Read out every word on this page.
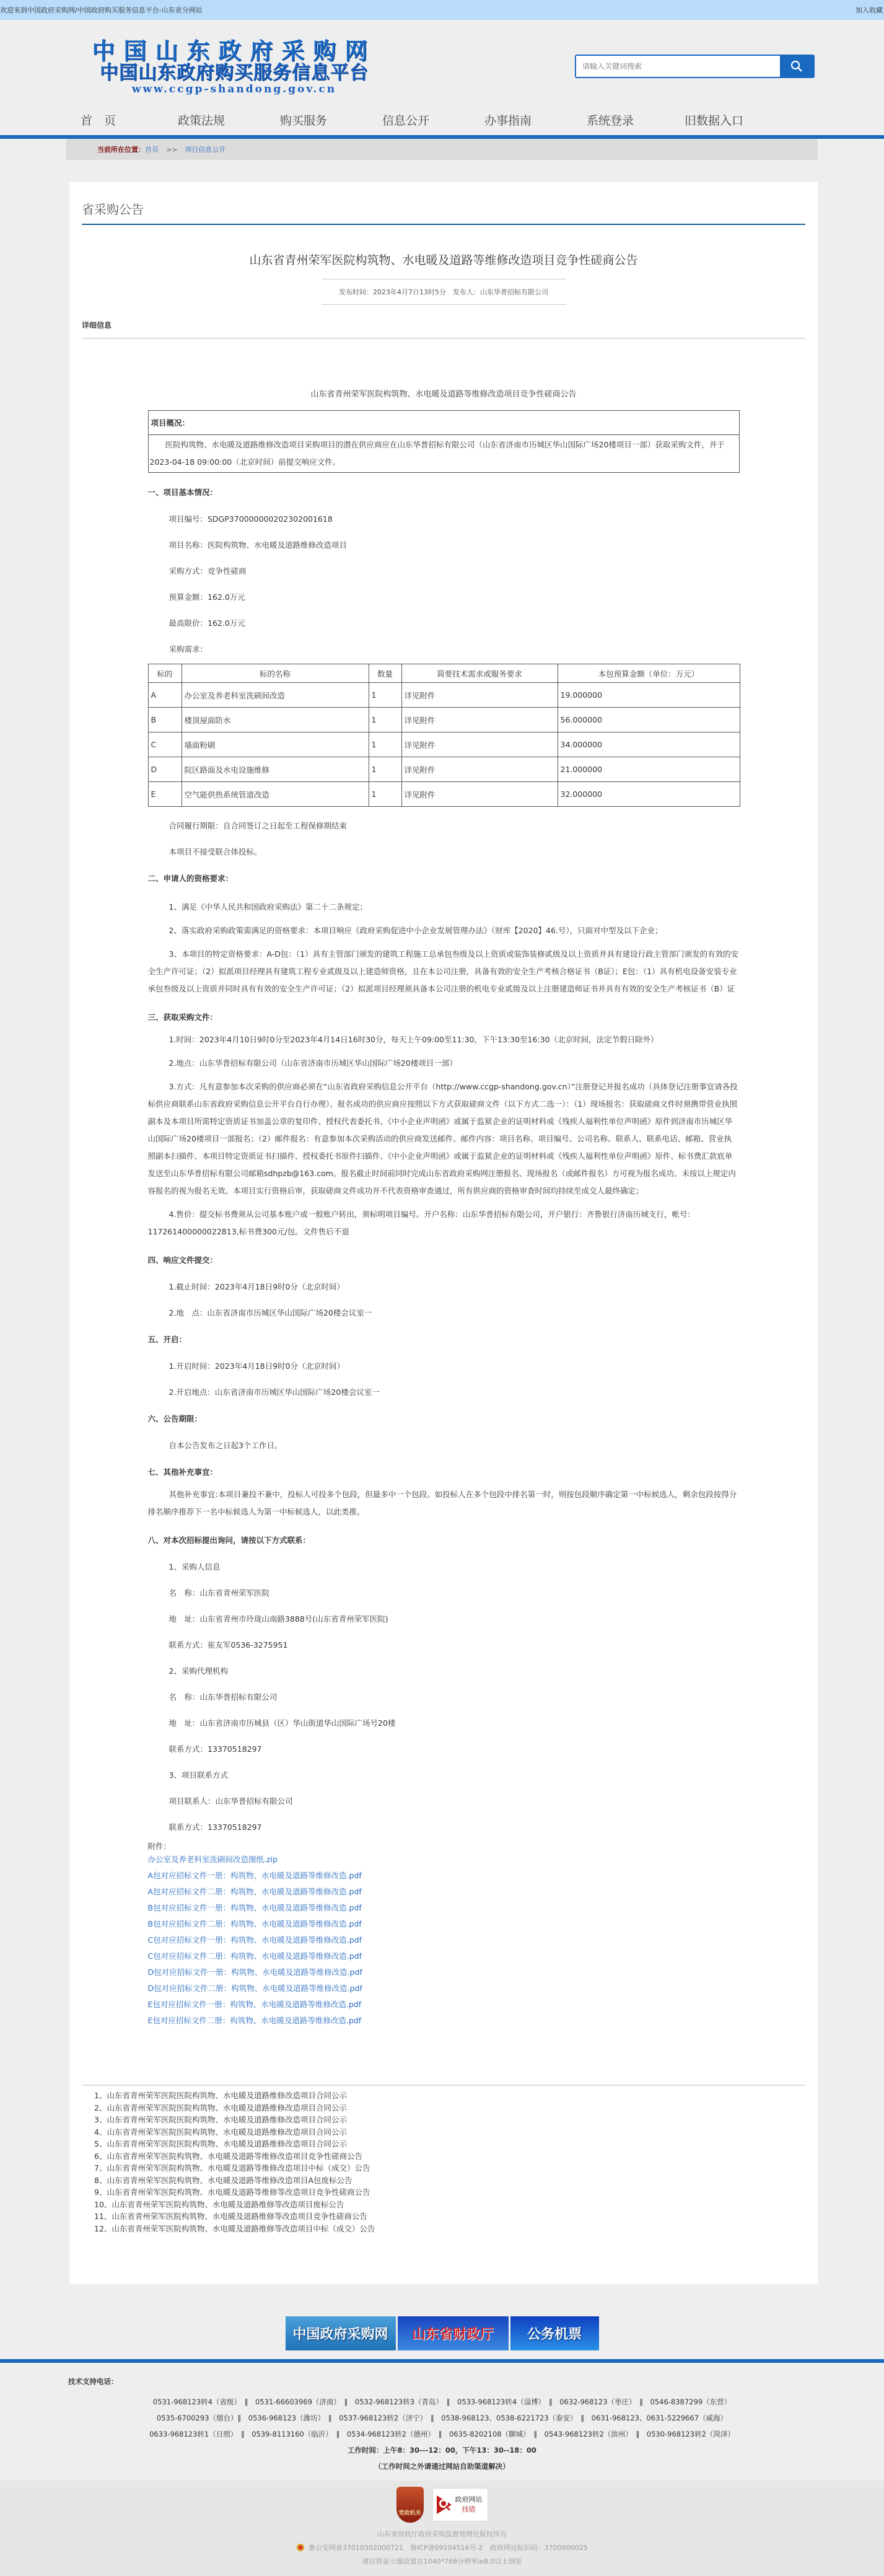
欢迎来到中国政府采购网/中国政府购买服务信息平台-山东省分网站	加入收藏
中国山东政府采购网
中国山东政府购买服务信息平台
www.ccgp-shandong.gov.cn
请输入关键词搜索
首　页	政策法规	购买服务	信息公开	办事指南	系统登录	旧数据入口
当前所在位置： 首页 >> 项目信息公开
省采购公告
山东省青州荣军医院构筑物、水电暖及道路等维修改造项目竞争性磋商公告
发布时间：2023年4月7日13时5分　发布人：山东华普招标有限公司
详细信息
山东省青州荣军医院构筑物、水电暖及道路等维修改造项目竞争性磋商公告
项目概况：
医院构筑物、水电暖及道路维修改造项目采购项目的潜在供应商应在山东华普招标有限公司（山东省济南市历城区华山国际广场20楼项目一部）获取采购文件，并于2023-04-18 09:00:00（北京时间）前提交响应文件。
一、项目基本情况：
项目编号：SDGP370000000202302001618
项目名称：医院构筑物、水电暖及道路维修改造项目
采购方式：竞争性磋商
预算金额：162.0万元
最高限价：162.0万元
采购需求：
标的	标的名称	数量	简要技术需求或服务要求	本包预算金额（单位：万元）
A	办公室及养老科室洗刷间改造	1	详见附件	19.000000
B	楼顶屋面防水	1	详见附件	56.000000
C	墙面粉刷	1	详见附件	34.000000
D	院区路面及水电设施维修	1	详见附件	21.000000
E	空气能供热系统管道改造	1	详见附件	32.000000
合同履行期限：自合同签订之日起至工程保修期结束
本项目不接受联合体投标。
二、申请人的资格要求：
1、满足《中华人民共和国政府采购法》第二十二条规定；
2、落实政府采购政策需满足的资格要求：本项目响应《政府采购促进中小企业发展管理办法》（财库【2020】46.号），只面对中型及以下企业；
3、本项目的特定资格要求：A-D包：（1）具有主管部门颁发的建筑工程施工总承包叁级及以上资质或装饰装修贰级及以上资质并具有建设行政主管部门颁发的有效的安全生产许可证；（2）拟派项目经理具有建筑工程专业贰级及以上建造师资格，且在本公司注册，具备有效的安全生产考核合格证书（B证）；E包：（1）具有机电设备安装专业承包叁级及以上资质并同时具有有效的安全生产许可证；（2）拟派项目经理须具备本公司注册的机电专业贰级及以上注册建造师证书并具有有效的安全生产考核证书（B）证
三、获取采购文件：
1.时间：2023年4月10日9时0分至2023年4月14日16时30分，每天上午09:00至11:30，下午13:30至16:30（北京时间，法定节假日除外）
2.地点：山东华普招标有限公司（山东省济南市历城区华山国际广场20楼项目一部）
3.方式：凡有意参加本次采购的供应商必须在“山东省政府采购信息公开平台（http://www.ccgp-shandong.gov.cn）”注册登记并报名成功（具体登记注册事宜请各投标供应商联系山东省政府采购信息公开平台自行办理）。报名成功的供应商应按照以下方式获取磋商文件（以下方式二选一）：（1）现场报名：获取磋商文件时须携带营业执照副本及本项目所需特定资质证书加盖公章的复印件、授权代表委托书、《中小企业声明函》或属于监狱企业的证明材料或《残疾人福利性单位声明函》原件到济南市历城区华山国际广场20楼项目一部报名；（2）邮件报名：有意参加本次采购活动的供应商发送邮件。邮件内容：项目名称、项目编号、公司名称、联系人、联系电话、邮箱、营业执照副本扫描件、本项目特定资质证书扫描件、授权委托书原件扫描件、《中小企业声明函》或属于监狱企业的证明材料或《残疾人福利性单位声明函》原件、标书费汇款底单发送至山东华普招标有限公司邮箱sdhpzb@163.com。报名截止时间前同时完成山东省政府采购网注册报名、现场报名（或邮件报名）方可视为报名成功。未按以上规定内容报名的视为报名无效。本项目实行资格后审，获取磋商文件成功并不代表资格审查通过，所有供应商的资格审查时间均持续至成交人最终确定；
4.售价：提交标书费须从公司基本账户或一般账户转出，须标明项目编号。开户名称：山东华普招标有限公司，开户银行：齐鲁银行济南历城支行，帐号：117261400000022813,标书费300元/包。文件售后不退
四、响应文件提交：
1.截止时间：2023年4月18日9时0分（北京时间）
2.地　点：山东省济南市历城区华山国际广场20楼会议室一
五、开启：
1.开启时间：2023年4月18日9时0分（北京时间）
2.开启地点：山东省济南市历城区华山国际广场20楼会议室一
六、公告期限：
自本公告发布之日起3个工作日。
七、其他补充事宜：
其他补充事宜:本项目兼投不兼中，投标人可投多个包段，但最多中一个包段。如投标人在多个包段中排名第一时，则按包段顺序确定第一中标候选人，剩余包段按得分排名顺序推荐下一名中标候选人为第一中标候选人，以此类推。
八、对本次招标提出询问，请按以下方式联系：
1、采购人信息
名　称：山东省青州荣军医院
地　址：山东省青州市玲珑山南路3888号(山东省青州荣军医院)
联系方式：崔友军0536-3275951
2、采购代理机构
名　称：山东华普招标有限公司
地　址：山东省济南市历城县（区）华山街道华山国际广场号20楼
联系方式：13370518297
3、项目联系方式
项目联系人：山东华普招标有限公司
联系方式：13370518297
附件：
办公室及养老科室洗刷间改造图纸.zip
A包对应招标文件一册：构筑物、水电暖及道路等维修改造.pdf
A包对应招标文件二册：构筑物、水电暖及道路等维修改造.pdf
B包对应招标文件一册：构筑物、水电暖及道路等维修改造.pdf
B包对应招标文件二册：构筑物、水电暖及道路等维修改造.pdf
C包对应招标文件一册：构筑物、水电暖及道路等维修改造.pdf
C包对应招标文件二册：构筑物、水电暖及道路等维修改造.pdf
D包对应招标文件一册：构筑物、水电暖及道路等维修改造.pdf
D包对应招标文件二册：构筑物、水电暖及道路等维修改造.pdf
E包对应招标文件一册：构筑物、水电暖及道路等维修改造.pdf
E包对应招标文件二册：构筑物、水电暖及道路等维修改造.pdf
1、山东省青州荣军医院医院构筑物、水电暖及道路维修改造项目合同公示
2、山东省青州荣军医院医院构筑物、水电暖及道路维修改造项目合同公示
3、山东省青州荣军医院医院构筑物、水电暖及道路维修改造项目合同公示
4、山东省青州荣军医院医院构筑物、水电暖及道路维修改造项目合同公示
5、山东省青州荣军医院医院构筑物、水电暖及道路维修改造项目合同公示
6、山东省青州荣军医院构筑物、水电暖及道路等维修改造项目竞争性磋商公告
7、山东省青州荣军医院构筑物、水电暖及道路等维修改造项目中标（成交）公告
8、山东省青州荣军医院构筑物、水电暖及道路等维修改造项目A包废标公告
9、山东省青州荣军医院构筑物、水电暖及道路等维修等改造项目竞争性磋商公告
10、山东省青州荣军医院构筑物、水电暖及道路维修等改造项目废标公告
11、山东省青州荣军医院构筑物、水电暖及道路维修等改造项目竞争性磋商公告
12、山东省青州荣军医院构筑物、水电暖及道路维修等改造项目中标（成交）公告
中国政府采购网	山东省财政厅	公务机票
技术支持电话：
0531-968123转4（省级）　‖　0531-66603969（济南）　‖　0532-968123转3（青岛）　‖　0533-968123转4（淄博）　‖　0632-968123（枣庄）　‖　0546-8387299（东营）
0535-6700293（烟台）‖　0536-968123（潍坊）　‖　0537-968123转2（济宁）　‖　0538-968123、0538-6221723（泰安）　‖　0631-968123、0631-5229667（威海）
0633-968123转1（日照）　‖　0539-8113160（临沂）　‖　0534-968123转2（德州）　‖　0635-8202108（聊城）　‖　0543-968123转2（滨州）　‖　0530-968123转2（菏泽）
工作时间：上午8：30---12：00，下午13：30--18：00
（工作时间之外请通过网站自助渠道解决）
党政机关
政府网站
找错
山东省财政厅政府采购监督管理处版权所有
鲁公安网备37010302000721　鲁ICP备09104516号-2　政府网站标识码：3700000025
建议将显示器设置在1040*768分辨率ie8.0以上浏览
